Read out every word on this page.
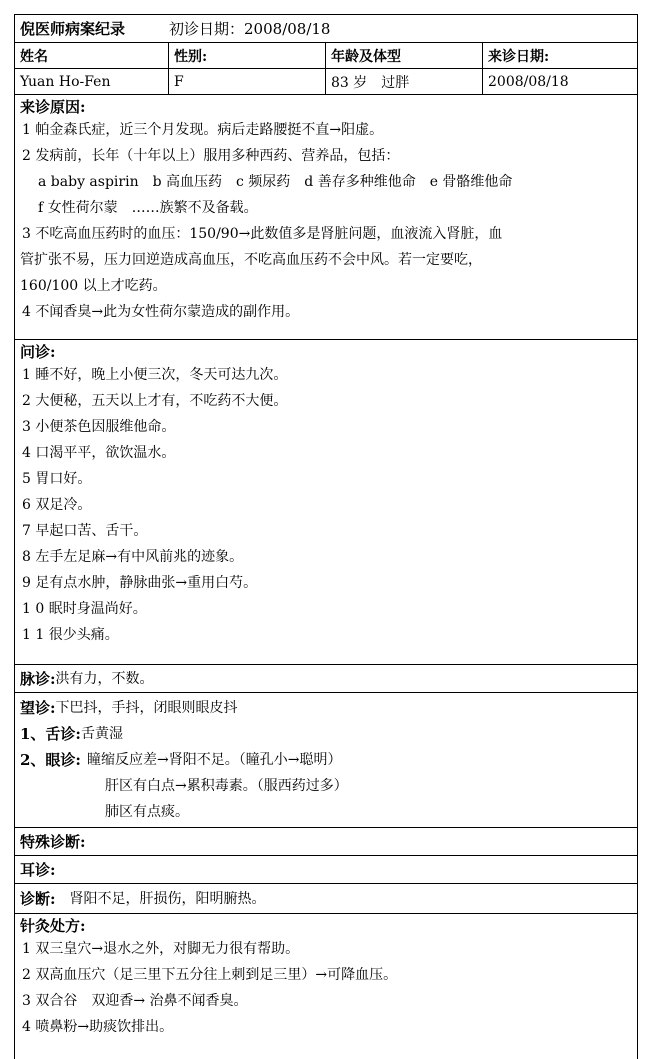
倪医师病案纪录	初诊日期：2008/08/18
姓名	性别:	年龄及体型	来诊日期:
Yuan Ho-Fen	F	83 岁　过胖	2008/08/18
来诊原因:
1 帕金森氏症，近三个月发现。病后走路腰挺不直→阳虚。
2 发病前，长年（十年以上）服用多种西药、营养品，包括：
a baby aspirin　b 高血压药　c 频尿药　d 善存多种维他命　e 骨骼维他命
f 女性荷尔蒙　……族繁不及备载。
3 不吃高血压药时的血压：150/90→此数值多是肾脏问题，血液流入肾脏，血
管扩张不易，压力回逆造成高血压，不吃高血压药不会中风。若一定要吃，
160/100 以上才吃药。
4 不闻香臭→此为女性荷尔蒙造成的副作用。
问诊:
1 睡不好，晚上小便三次，冬天可达九次。
2 大便秘，五天以上才有，不吃药不大便。
3 小便茶色因服维他命。
4 口渴平平，欲饮温水。
5 胃口好。
6 双足冷。
7 早起口苦、舌干。
8 左手左足麻→有中风前兆的迹象。
9 足有点水肿，静脉曲张→重用白芍。
1 0 眠时身温尚好。
1 1 很少头痛。
脉诊: 洪有力，不数。
望诊: 下巴抖，手抖，闭眼则眼皮抖
1、舌诊: 舌黄湿
2、眼诊: 瞳缩反应差→肾阳不足。（瞳孔小→聪明）
肝区有白点→累积毒素。（服西药过多）
肺区有点痰。
特殊诊断:
耳诊:
诊断:	肾阳不足，肝损伤，阳明腑热。
针灸处方:
1 双三皇穴→退水之外，对脚无力很有帮助。
2 双高血压穴（足三里下五分往上刺到足三里）→可降血压。
3 双合谷　双迎香→ 治鼻不闻香臭。
4 喷鼻粉→助痰饮排出。
